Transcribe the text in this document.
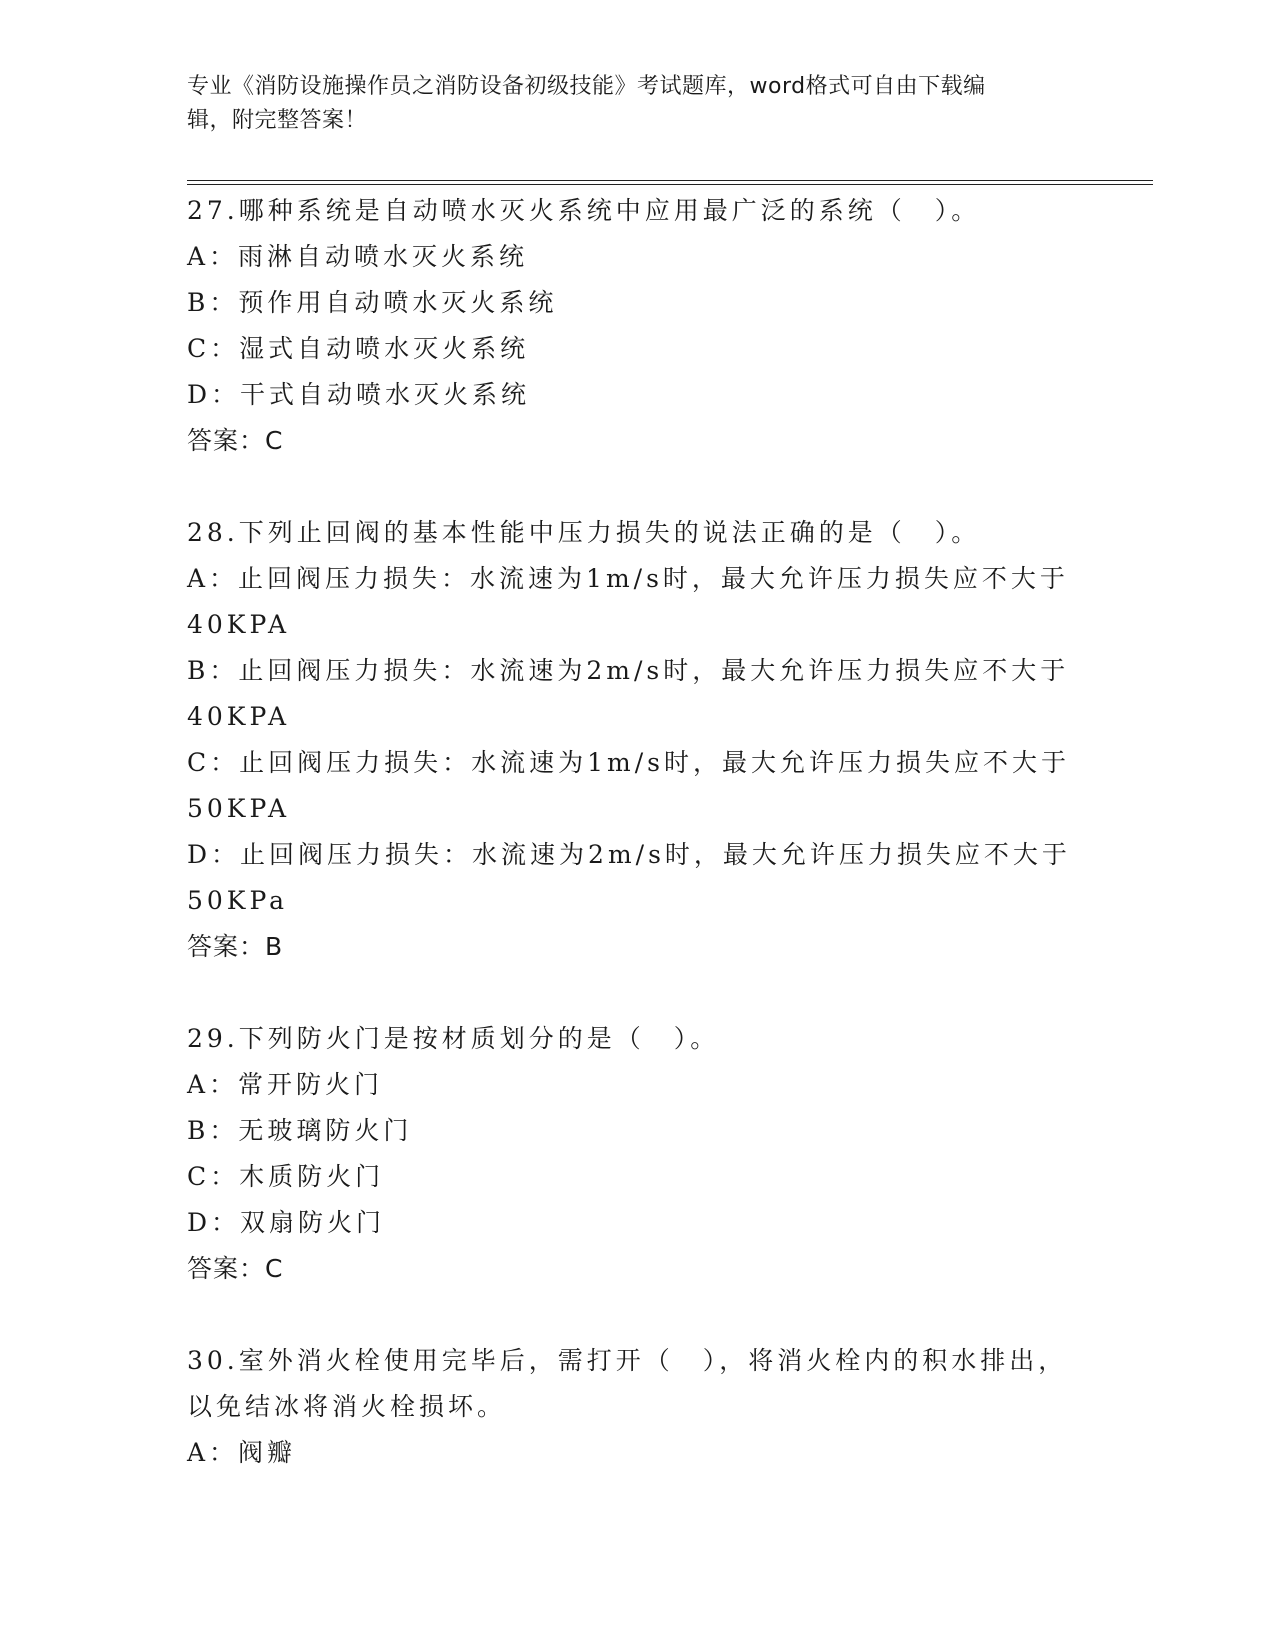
专业《消防设施操作员之消防设备初级技能》考试题库，word格式可自由下载编
辑，附完整答案！
27.哪种系统是自动喷水灭火系统中应用最广泛的系统（　）。
A：雨淋自动喷水灭火系统
B：预作用自动喷水灭火系统
C：湿式自动喷水灭火系统
D：干式自动喷水灭火系统
答案：C
28.下列止回阀的基本性能中压力损失的说法正确的是（　）。
A：止回阀压力损失：水流速为1m/s时，最大允许压力损失应不大于
40KPA
B：止回阀压力损失：水流速为2m/s时，最大允许压力损失应不大于
40KPA
C：止回阀压力损失：水流速为1m/s时，最大允许压力损失应不大于
50KPA
D：止回阀压力损失：水流速为2m/s时，最大允许压力损失应不大于
50KPa
答案：B
29.下列防火门是按材质划分的是（　）。
A：常开防火门
B：无玻璃防火门
C：木质防火门
D：双扇防火门
答案：C
30.室外消火栓使用完毕后，需打开（　），将消火栓内的积水排出，
以免结冰将消火栓损坏。
A：阀瓣
